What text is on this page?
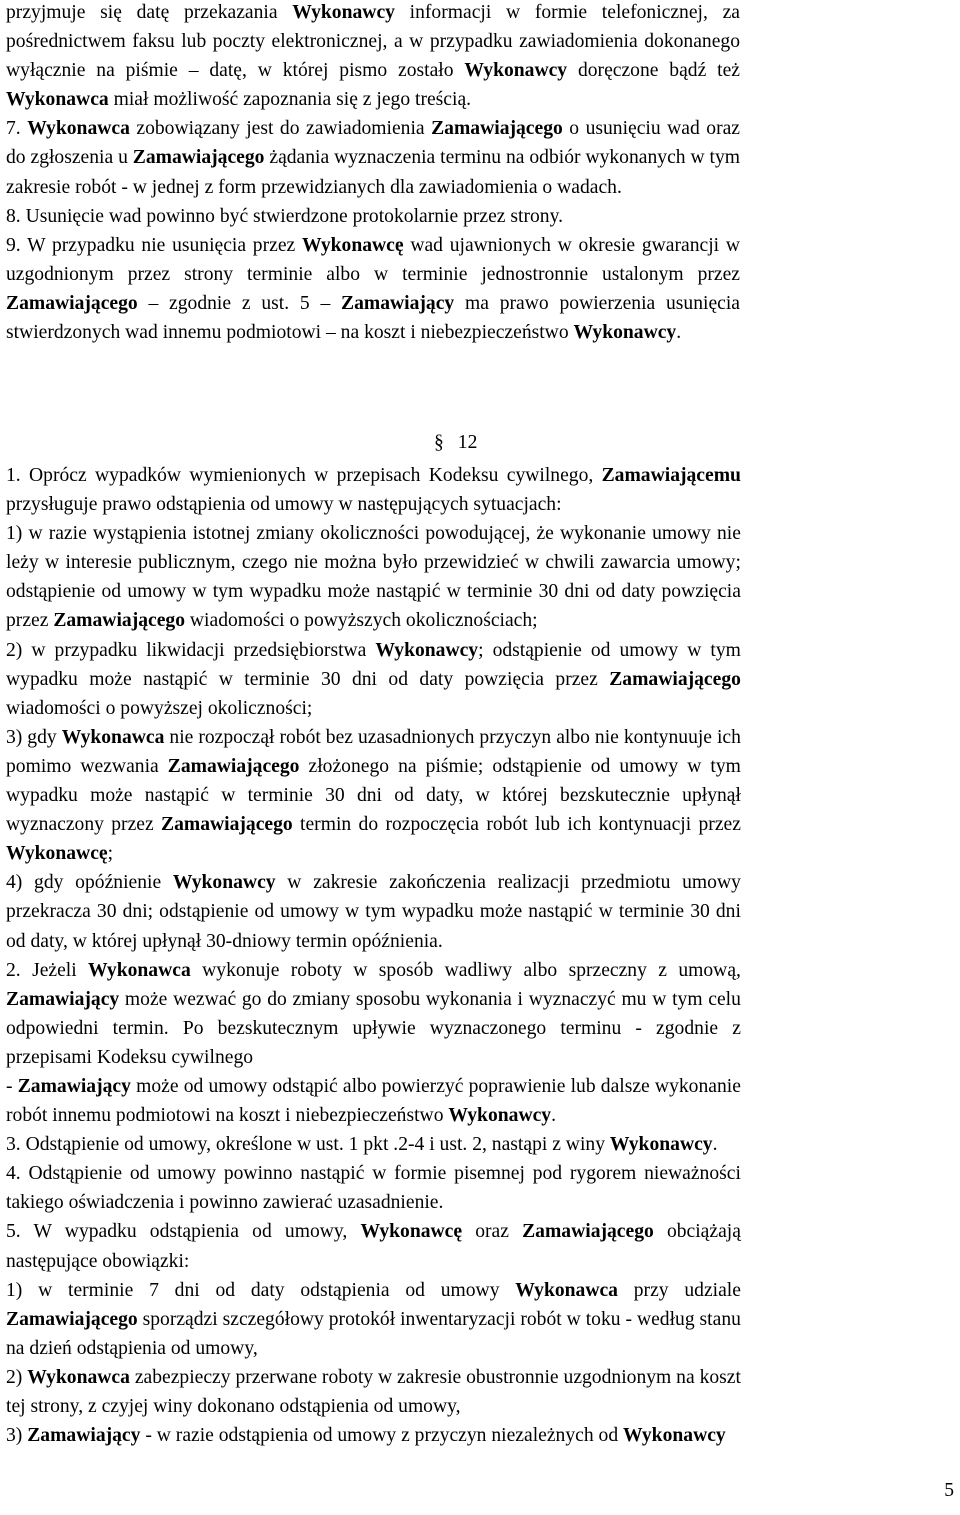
przyjmuje się datę przekazania Wykonawcy informacji w formie telefonicznej, za
pośrednictwem faksu lub poczty elektronicznej, a w przypadku zawiadomienia dokonanego
wyłącznie na piśmie – datę, w której pismo zostało Wykonawcy doręczone bądź też
Wykonawca miał możliwość zapoznania się z jego treścią.
7. Wykonawca zobowiązany jest do zawiadomienia Zamawiającego o usunięciu wad oraz
do zgłoszenia u Zamawiającego żądania wyznaczenia terminu na odbiór wykonanych w tym
zakresie robót - w jednej z form przewidzianych dla zawiadomienia o wadach.
8. Usunięcie wad powinno być stwierdzone protokolarnie przez strony.
9. W przypadku nie usunięcia przez Wykonawcę wad ujawnionych w okresie gwarancji w
uzgodnionym przez strony terminie albo w terminie jednostronnie ustalonym przez
Zamawiającego – zgodnie z ust. 5 – Zamawiający ma prawo powierzenia usunięcia
stwierdzonych wad innemu podmiotowi – na koszt i niebezpieczeństwo Wykonawcy.
§ 12
1. Oprócz wypadków wymienionych w przepisach Kodeksu cywilnego, Zamawiającemu
przysługuje prawo odstąpienia od umowy w następujących sytuacjach:
1) w razie wystąpienia istotnej zmiany okoliczności powodującej, że wykonanie umowy nie
leży w interesie publicznym, czego nie można było przewidzieć w chwili zawarcia umowy;
odstąpienie od umowy w tym wypadku może nastąpić w terminie 30 dni od daty powzięcia
przez Zamawiającego wiadomości o powyższych okolicznościach;
2) w przypadku likwidacji przedsiębiorstwa Wykonawcy; odstąpienie od umowy w tym
wypadku może nastąpić w terminie 30 dni od daty powzięcia przez Zamawiającego
wiadomości o powyższej okoliczności;
3) gdy Wykonawca nie rozpoczął robót bez uzasadnionych przyczyn albo nie kontynuuje ich
pomimo wezwania Zamawiającego złożonego na piśmie; odstąpienie od umowy w tym
wypadku może nastąpić w terminie 30 dni od daty, w której bezskutecznie upłynął
wyznaczony przez Zamawiającego termin do rozpoczęcia robót lub ich kontynuacji przez
Wykonawcę;
4) gdy opóźnienie Wykonawcy w zakresie zakończenia realizacji przedmiotu umowy
przekracza 30 dni; odstąpienie od umowy w tym wypadku może nastąpić w terminie 30 dni
od daty, w której upłynął 30-dniowy termin opóźnienia.
2. Jeżeli Wykonawca wykonuje roboty w sposób wadliwy albo sprzeczny z umową,
Zamawiający może wezwać go do zmiany sposobu wykonania i wyznaczyć mu w tym celu
odpowiedni termin. Po bezskutecznym upływie wyznaczonego terminu - zgodnie z
przepisami Kodeksu cywilnego
- Zamawiający może od umowy odstąpić albo powierzyć poprawienie lub dalsze wykonanie
robót innemu podmiotowi na koszt i niebezpieczeństwo Wykonawcy.
3. Odstąpienie od umowy, określone w ust. 1 pkt .2-4 i ust. 2, nastąpi z winy Wykonawcy.
4. Odstąpienie od umowy powinno nastąpić w formie pisemnej pod rygorem nieważności
takiego oświadczenia i powinno zawierać uzasadnienie.
5. W wypadku odstąpienia od umowy, Wykonawcę oraz Zamawiającego obciążają
następujące obowiązki:
1) w terminie 7 dni od daty odstąpienia od umowy Wykonawca przy udziale
Zamawiającego sporządzi szczegółowy protokół inwentaryzacji robót w toku - według stanu
na dzień odstąpienia od umowy,
2) Wykonawca zabezpieczy przerwane roboty w zakresie obustronnie uzgodnionym na koszt
tej strony, z czyjej winy dokonano odstąpienia od umowy,
3) Zamawiający - w razie odstąpienia od umowy z przyczyn niezależnych od Wykonawcy
5
